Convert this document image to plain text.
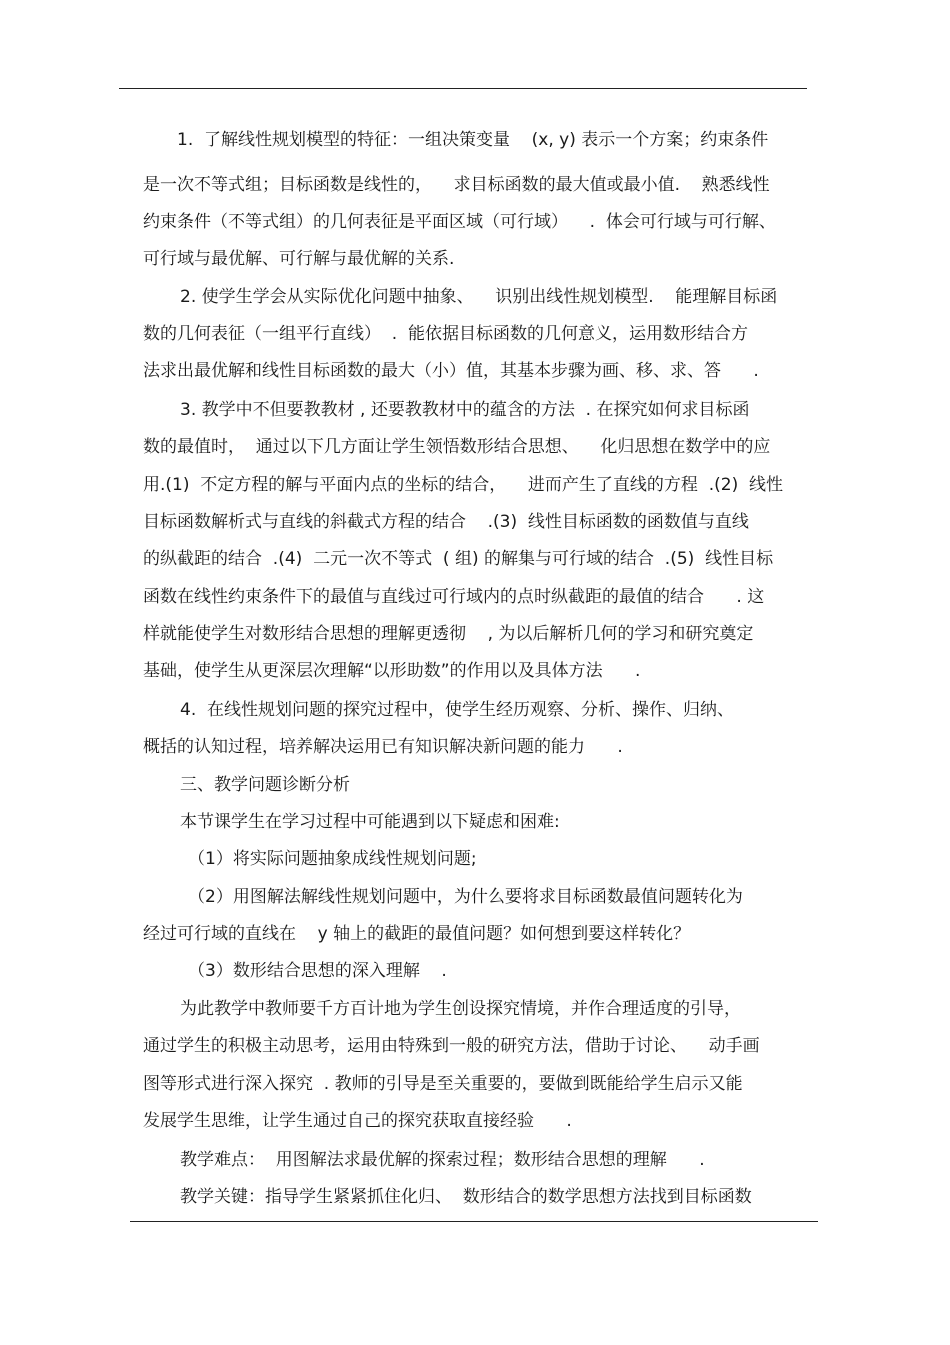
1.  了解线性规划模型的特征：一组决策变量    (x, y) 表示一个方案；约束条件
是一次不等式组；目标函数是线性的，    求目标函数的最大值或最小值.    熟悉线性
约束条件（不等式组）的几何表征是平面区域（可行域）    .  体会可行域与可行解、
可行域与最优解、可行解与最优解的关系.
2. 使学生学会从实际优化问题中抽象、    识别出线性规划模型.    能理解目标函
数的几何表征（一组平行直线）  .  能依据目标函数的几何意义，运用数形结合方
法求出最优解和线性目标函数的最大（小）值，其基本步骤为画、移、求、答      .
3. 教学中不但要教教材 , 还要教教材中的蕴含的方法  . 在探究如何求目标函
数的最值时，  通过以下几方面让学生领悟数形结合思想、    化归思想在数学中的应
用.(1)  不定方程的解与平面内点的坐标的结合，    进而产生了直线的方程  .(2)  线性
目标函数解析式与直线的斜截式方程的结合    .(3)  线性目标函数的函数值与直线
的纵截距的结合  .(4)  二元一次不等式  ( 组) 的解集与可行域的结合  .(5)  线性目标
函数在线性约束条件下的最值与直线过可行域内的点时纵截距的最值的结合      . 这
样就能使学生对数形结合思想的理解更透彻    , 为以后解析几何的学习和研究奠定
基础，使学生从更深层次理解“以形助数”的作用以及具体方法      .
4.  在线性规划问题的探究过程中，使学生经历观察、分析、操作、归纳、
概括的认知过程，培养解决运用已有知识解决新问题的能力      .
三、教学问题诊断分析
本节课学生在学习过程中可能遇到以下疑虑和困难:
（1）将实际问题抽象成线性规划问题;
（2）用图解法解线性规划问题中，为什么要将求目标函数最值问题转化为
经过可行域的直线在    y 轴上的截距的最值问题？如何想到要这样转化？
（3）数形结合思想的深入理解    .
为此教学中教师要千方百计地为学生创设探究情境，并作合理适度的引导，
通过学生的积极主动思考，运用由特殊到一般的研究方法，借助于讨论、    动手画
图等形式进行深入探究  . 教师的引导是至关重要的，要做到既能给学生启示又能
发展学生思维，让学生通过自己的探究获取直接经验      .
教学难点：  用图解法求最优解的探索过程；数形结合思想的理解      .
教学关键：指导学生紧紧抓住化归、  数形结合的数学思想方法找到目标函数
